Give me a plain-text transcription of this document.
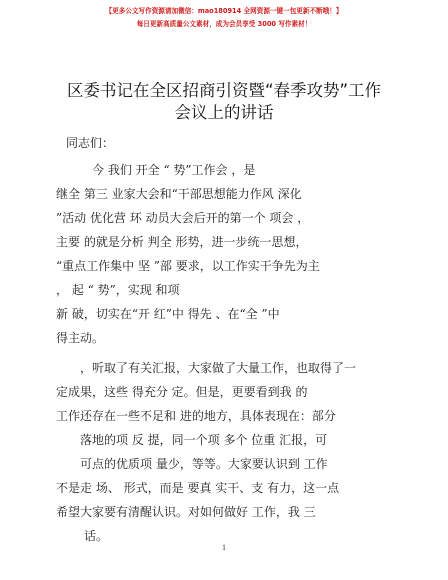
【更多公文写作资源请加微信：mao180914 全网资源一键一包更新不断哦！】
每日更新高质量公文素材，成为会员享受 3000 写作素材！
区委书记在全区招商引资暨“春季攻势”工作
会议上的讲话
同志们：
今 我们 开全 “ 势”工作会 ，是
继全 第三 业家大会和“干部思想能力作风 深化
”活动 优化营 环 动员大会后开的第一个 项会 ，
主要 的就是分析 判全 形势，进一步统一思想，
“重点工作集中 坚 ”部 要求，以工作实干争先为主
， 起 “ 势”，实现 和项
新 破，切实在“开 红”中 得先 、在“全 ”中
得主动。
，听取了有关汇报，大家做了大量工作，也取得了一
定成果，这些 得充分 定。但是，更要看到我 的
工作还存在一些不足和 进的地方，具体表现在：部分
落地的项 反 提，同一个项 多个 位重 汇报，可
可点的优质项 量少，等等。大家要认识到 工作
不是走 场、 形式，而是 要真 实干、支 有力，这一点
希望大家要有清醒认识。对如何做好 工作，我 三
话。
1
